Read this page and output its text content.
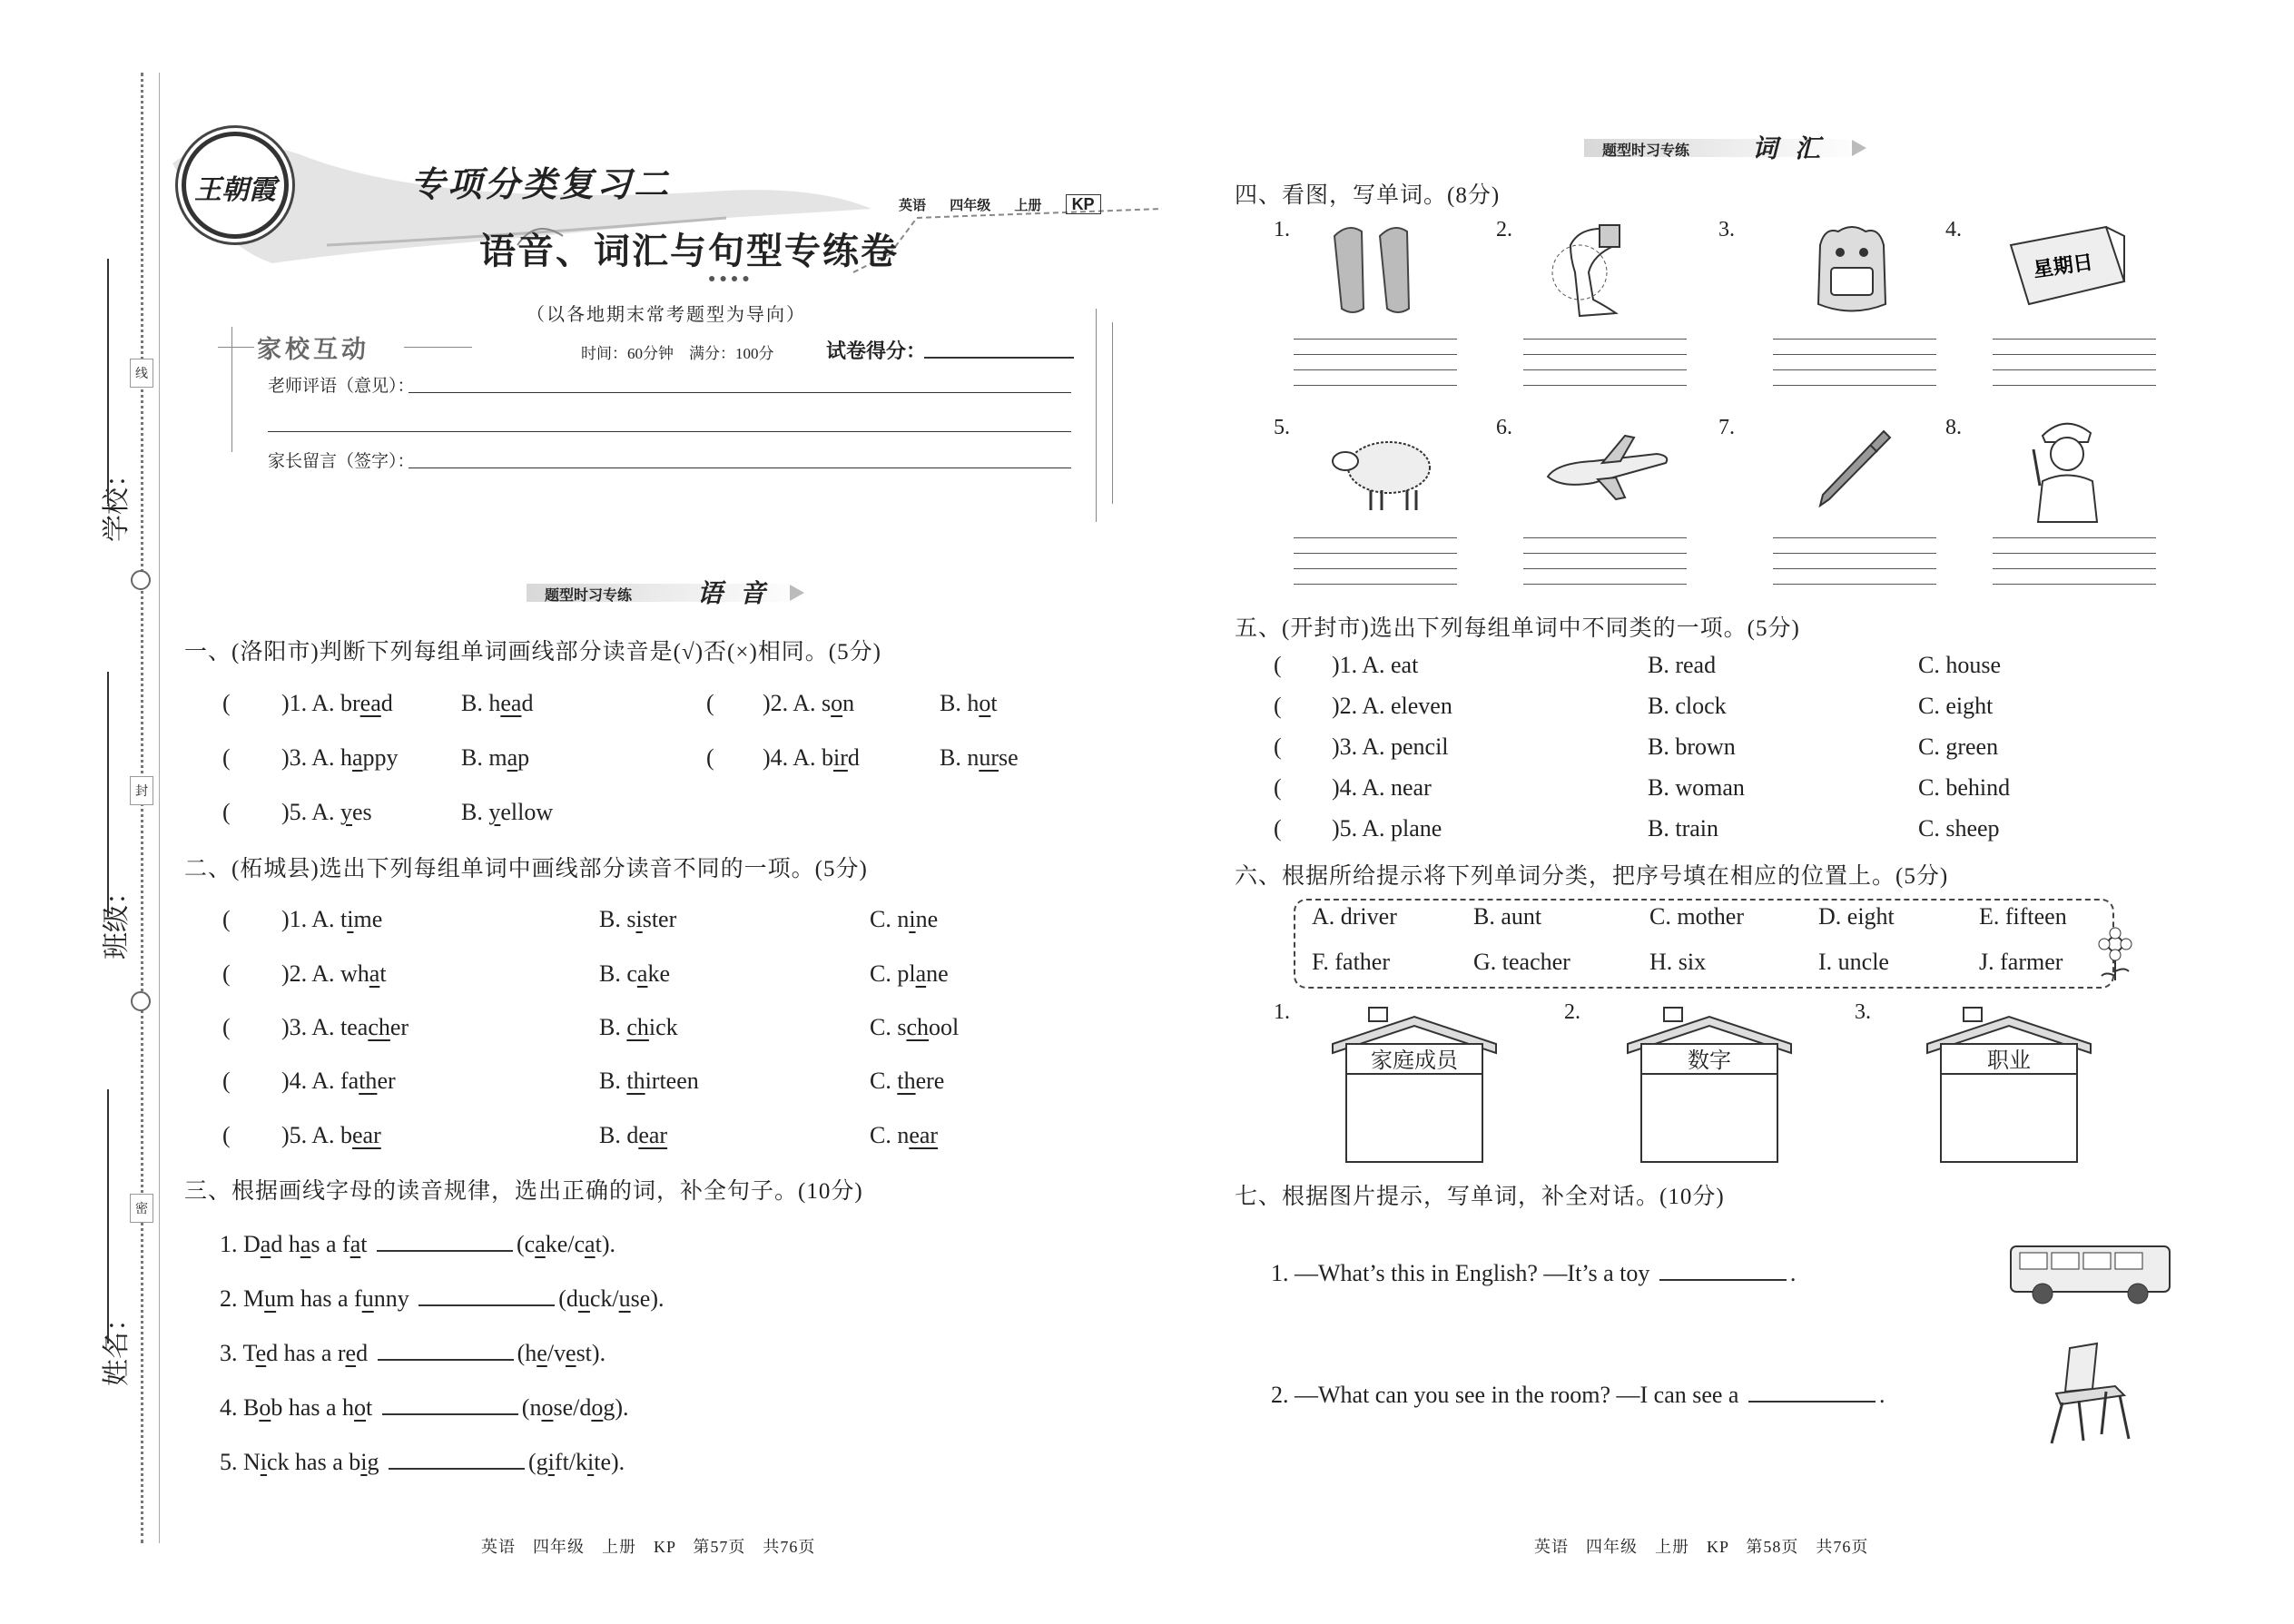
学校：
班级：
姓名：
线
封
密
王朝霞	专项分类复习二
英语 四年级 上册 KP
语音、词汇与句型专练卷
●●●●
（以各地期末常考题型为导向）
家校互动	时间：60分钟　满分：100分	试卷得分：
老师评语（意见）：
家长留言（签字）：
题型时习专练	语 音
一、(洛阳市)判断下列每组单词画线部分读音是(√)否(×)相同。(5分)
( )1. A. bread	B. head	( )2. A. son	B. hot
( )3. A. happy	B. map	( )4. A. bird	B. nurse
( )5. A. yes	B. yellow
二、(柘城县)选出下列每组单词中画线部分读音不同的一项。(5分)
( )1. A. time	B. sister	C. nine
( )2. A. what	B. cake	C. plane
( )3. A. teacher	B. chick	C. school
( )4. A. father	B. thirteen	C. there
( )5. A. bear	B. dear	C. near
三、根据画线字母的读音规律，选出正确的词，补全句子。(10分)
1. Dad has a fat	(cake/cat).
2. Mum has a funny	(duck/use).
3. Ted has a red	(he/vest).
4. Bob has a hot	(nose/dog).
5. Nick has a big	(gift/kite).
英语　四年级　上册　KP　第57页　共76页
题型时习专练 词 汇
四、看图，写单词。(8分)
1.	2.	3.	4.
5.	6.	7.	8.
星期日
五、(开封市)选出下列每组单词中不同类的一项。(5分)
( )1. A. eat	B. read	C. house
( )2. A. eleven	B. clock	C. eight
( )3. A. pencil	B. brown	C. green
( )4. A. near	B. woman	C. behind
( )5. A. plane	B. train	C. sheep
六、根据所给提示将下列单词分类，把序号填在相应的位置上。(5分)
A. driver	B. aunt	C. mother	D. eight	E. fifteen
F. father	G. teacher	H. six	I. uncle	J. farmer
1.
家庭成员
2.
数字
3.
职业
七、根据图片提示，写单词，补全对话。(10分)
1. —What’s this in English? —It’s a toy	.
2. —What can you see in the room? —I can see a	.
英语　四年级　上册　KP　第58页　共76页
